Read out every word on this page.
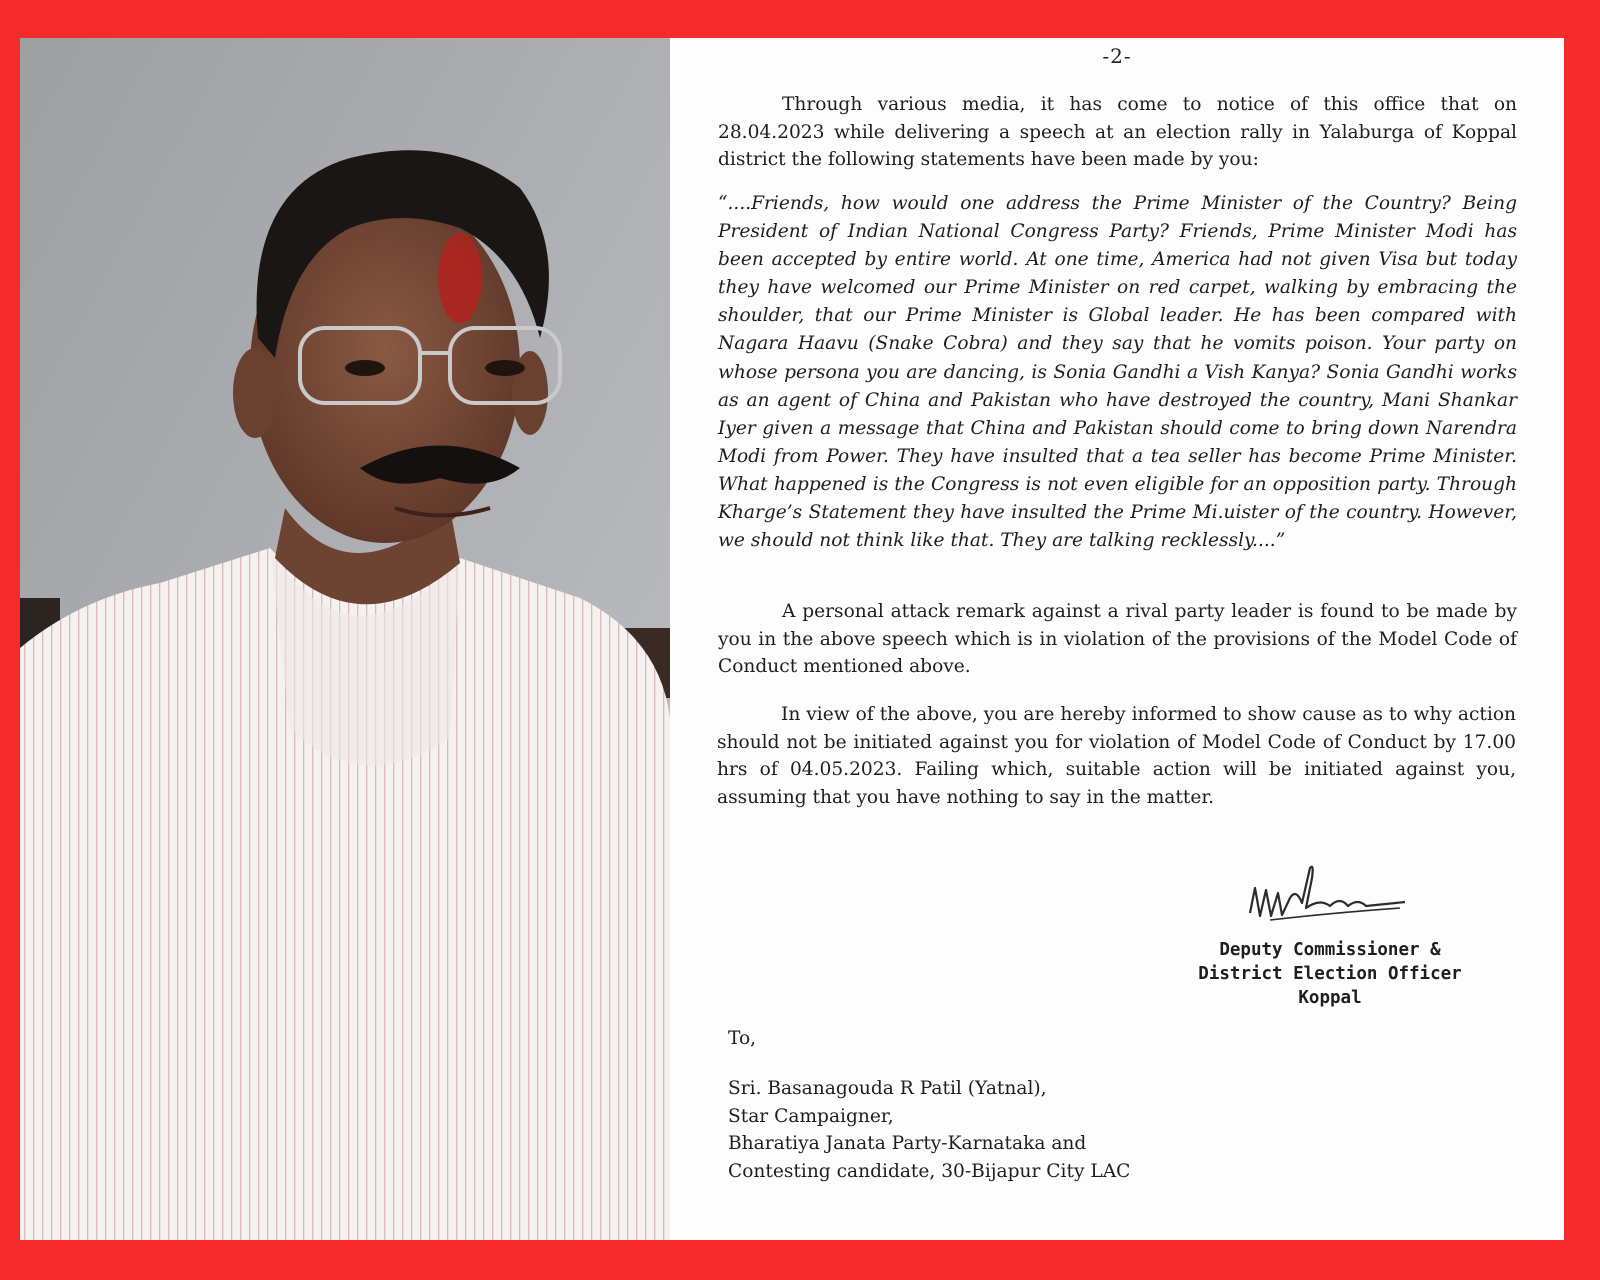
-2-

Through various media, it has come to notice of this office that on 28.04.2023 while delivering a speech at an election rally in Yalaburga of Koppal district the following statements have been made by you:

“....Friends, how would one address the Prime Minister of the Country? Being President of Indian National Congress Party? Friends, Prime Minister Modi has been accepted by entire world. At one time, America had not given Visa but today they have welcomed our Prime Minister on red carpet, walking by embracing the shoulder, that our Prime Minister is Global leader. He has been compared with Nagara Haavu (Snake Cobra) and they say that he vomits poison. Your party on whose persona you are dancing, is Sonia Gandhi a Vish Kanya? Sonia Gandhi works as an agent of China and Pakistan who have destroyed the country, Mani Shankar Iyer given a message that China and Pakistan should come to bring down Narendra Modi from Power. They have insulted that a tea seller has become Prime Minister. What happened is the Congress is not even eligible for an opposition party. Through Kharge’s Statement they have insulted the Prime Mi.uister of the country. However, we should not think like that. They are talking recklessly....”

A personal attack remark against a rival party leader is found to be made by you in the above speech which is in violation of the provisions of the Model Code of Conduct mentioned above.

In view of the above, you are hereby informed to show cause as to why action should not be initiated against you for violation of Model Code of Conduct by 17.00 hrs of 04.05.2023. Failing which, suitable action will be initiated against you, assuming that you have nothing to say in the matter.

Deputy Commissioner &
District Election Officer
Koppal
To,
Sri. Basanagouda R Patil (Yatnal),
Star Campaigner,
Bharatiya Janata Party-Karnataka and
Contesting candidate, 30-Bijapur City LAC
